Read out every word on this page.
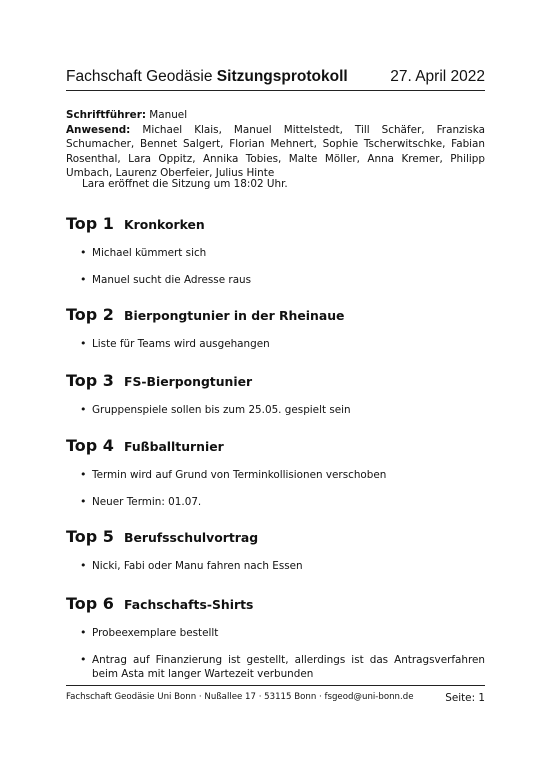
Fachschaft Geodäsie Sitzungsprotokoll	27. April 2022
Schriftführer: Manuel
Anwesend: Michael Klais, Manuel Mittelstedt, Till Schäfer, Franziska Schumacher, Bennet Salgert, Florian Mehnert, Sophie Tscherwitschke, Fabian Rosenthal, Lara Oppitz, Annika Tobies, Malte Möller, Anna Kremer, Philipp Umbach, Laurenz Oberfeier, Julius Hinte
Lara eröffnet die Sitzung um 18:02 Uhr.
Top 1 Kronkorken
• Michael kümmert sich
• Manuel sucht die Adresse raus
Top 2 Bierpongtunier in der Rheinaue
• Liste für Teams wird ausgehangen
Top 3 FS-Bierpongtunier
• Gruppenspiele sollen bis zum 25.05. gespielt sein
Top 4 Fußballturnier
• Termin wird auf Grund von Terminkollisionen verschoben
• Neuer Termin: 01.07.
Top 5 Berufsschulvortrag
• Nicki, Fabi oder Manu fahren nach Essen
Top 6 Fachschafts-Shirts
• Probeexemplare bestellt
• Antrag auf Finanzierung ist gestellt, allerdings ist das Antragsverfahren beim Asta mit langer Wartezeit verbunden
Fachschaft Geodäsie Uni Bonn · Nußallee 17 · 53115 Bonn · fsgeod@uni-bonn.de	Seite: 1
